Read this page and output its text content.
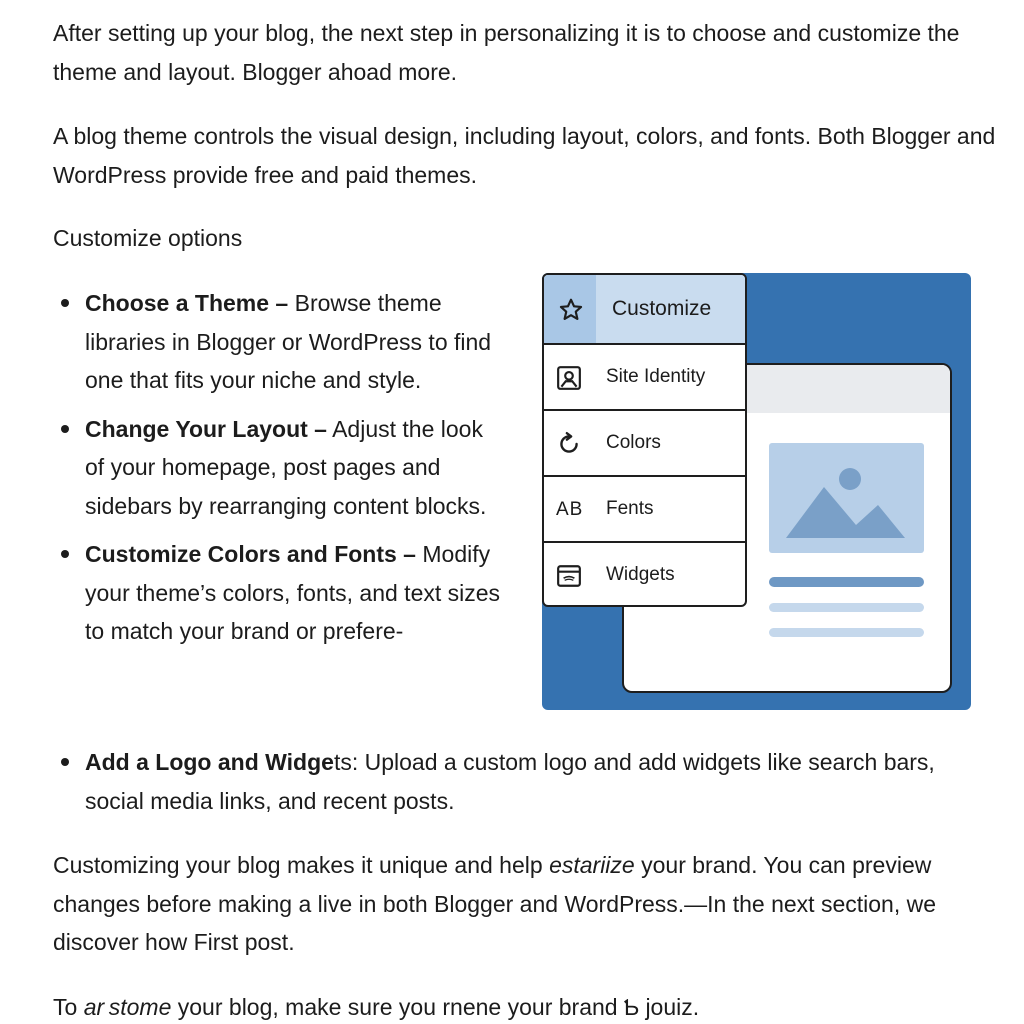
After setting up your blog, the next step in personalizing it is to choose and customize the theme and layout. Blogger ahoad more.

A blog theme controls the visual design, including layout, colors, and fonts. Both Blogger and WordPress provide free and paid themes.

Customize options

Choose a Theme – Browse theme libraries in Blogger or WordPress to find one that fits your niche and style.
Change Your Layout – Adjust the look of your homepage, post pages and sidebars by rearranging content blocks.
Customize Colors and Fonts – Modify your theme’s colors, fonts, and text sizes to match your brand or prefere-
Add a Logo and Widgets: Upload a custom logo and add widgets like search bars, social media links, and recent posts.

Customizing your blog makes it unique and help estariize your brand. You can preview changes before making a live in both Blogger and WordPress.—In the next section, we discover how First post.

To ar stome your blog, make sure you rnene your brand Ƅ jouiz.

Customize
Site Identity
Colors
AB Fents
Widgets
